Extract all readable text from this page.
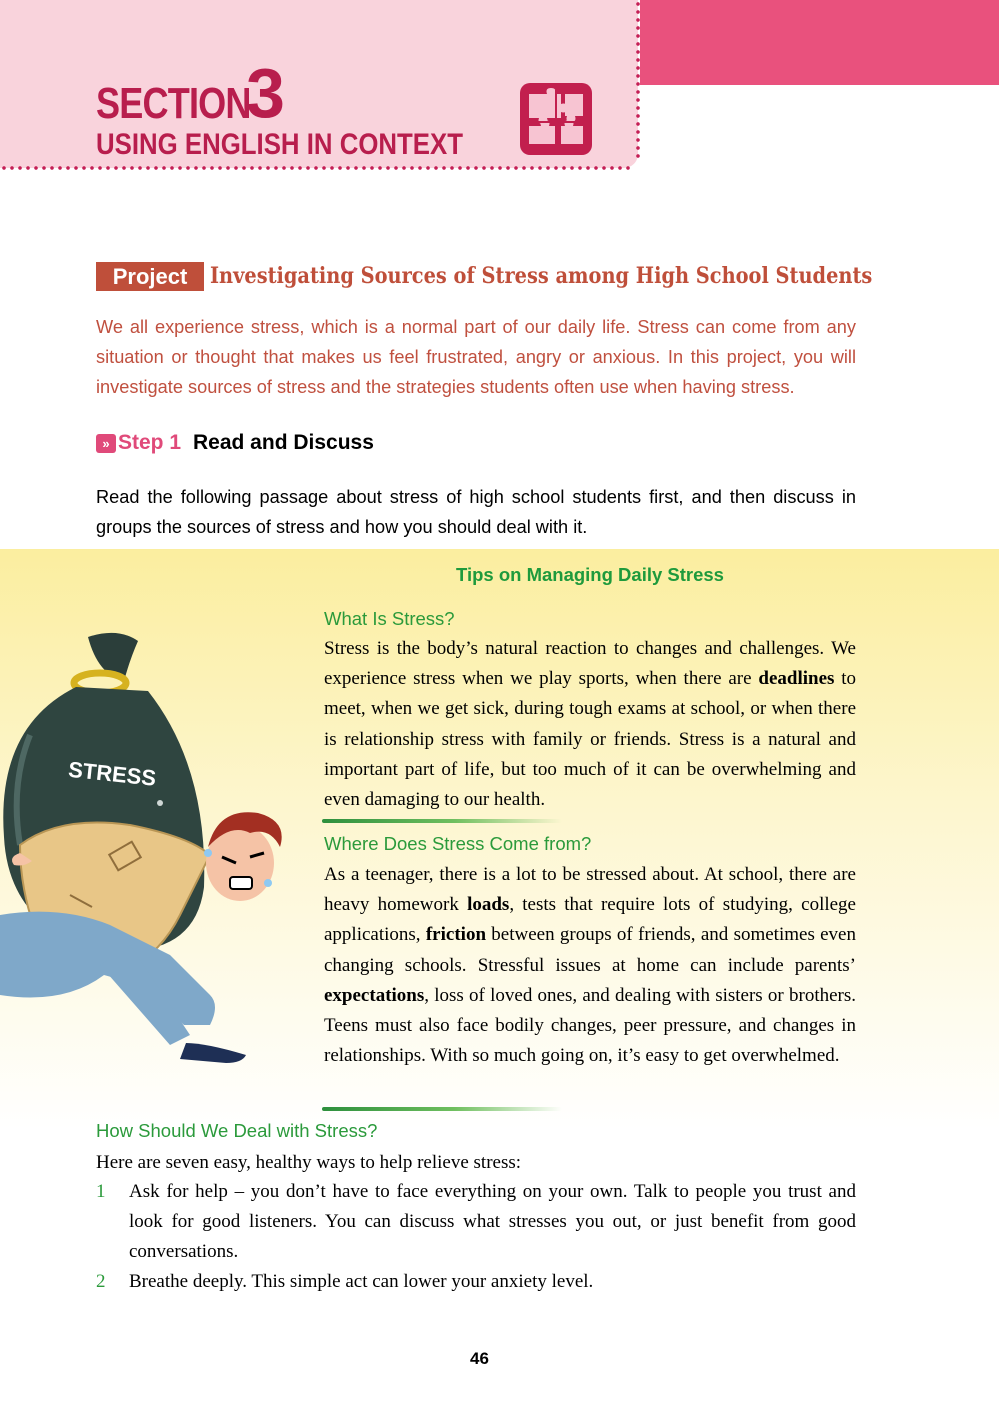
SECTION
3
USING ENGLISH IN CONTEXT
Project	Investigating Sources of Stress among High School Students

We all experience stress, which is a normal part of our daily life. Stress can come from any situation or thought that makes us feel frustrated, angry or anxious. In this project, you will investigate sources of stress and the strategies students often use when having stress.

» Step 1 Read and Discuss

Read the following passage about stress of high school students first, and then discuss in groups the sources of stress and how you should deal with it.

STRESS
Tips on Managing Daily Stress
What Is Stress?

Stress is the body’s natural reaction to changes and challenges. We experience stress when we play sports, when there are deadlines to meet, when we get sick, during tough exams at school, or when there is relationship stress with family or friends. Stress is a natural and important part of life, but too much of it can be overwhelming and even damaging to our health.

Where Does Stress Come from?

As a teenager, there is a lot to be stressed about. At school, there are heavy homework loads, tests that require lots of studying, college applications, friction between groups of friends, and sometimes even changing schools. Stressful issues at home can include parents’ expectations, loss of loved ones, and dealing with sisters or brothers. Teens must also face bodily changes, peer pressure, and changes in relationships. With so much going on, it’s easy to get overwhelmed.

How Should We Deal with Stress?
Here are seven easy, healthy ways to help relieve stress:
1 Ask for help – you don’t have to face everything on your own. Talk to people you trust and look for good listeners. You can discuss what stresses you out, or just benefit from good conversations.

2 Breathe deeply. This simple act can lower your anxiety level.

46
